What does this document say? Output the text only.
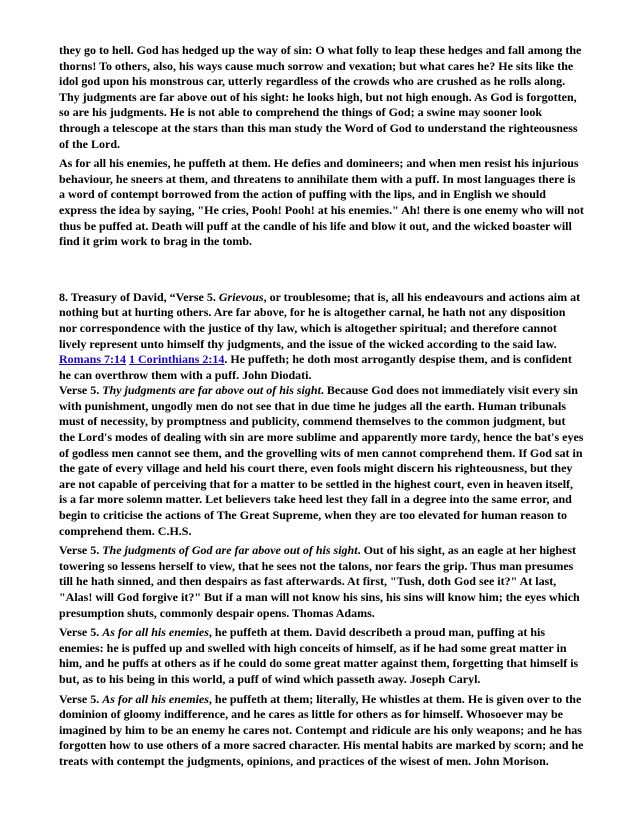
they go to hell. God has hedged up the way of sin: O what folly to leap these hedges and fall among the thorns! To others, also, his ways cause much sorrow and vexation; but what cares he? He sits like the idol god upon his monstrous car, utterly regardless of the crowds who are crushed as he rolls along.

Thy judgments are far above out of his sight: he looks high, but not high enough. As God is forgotten, so are his judgments. He is not able to comprehend the things of God; a swine may sooner look through a telescope at the stars than this man study the Word of God to understand the righteousness of the Lord.

As for all his enemies, he puffeth at them. He defies and domineers; and when men resist his injurious behaviour, he sneers at them, and threatens to annihilate them with a puff. In most languages there is a word of contempt borrowed from the action of puffing with the lips, and in English we should express the idea by saying, "He cries, Pooh! Pooh! at his enemies." Ah! there is one enemy who will not thus be puffed at. Death will puff at the candle of his life and blow it out, and the wicked boaster will find it grim work to brag in the tomb.

8. Treasury of David, “Verse 5. Grievous, or troublesome; that is, all his endeavours and actions aim at nothing but at hurting others. Are far above, for he is altogether carnal, he hath not any disposition nor correspondence with the justice of thy law, which is altogether spiritual; and therefore cannot lively represent unto himself thy judgments, and the issue of the wicked according to the said law. Romans 7:14 1 Corinthians 2:14. He puffeth; he doth most arrogantly despise them, and is confident he can overthrow them with a puff. John Diodati.

Verse 5. Thy judgments are far above out of his sight. Because God does not immediately visit every sin with punishment, ungodly men do not see that in due time he judges all the earth. Human tribunals must of necessity, by promptness and publicity, commend themselves to the common judgment, but the Lord's modes of dealing with sin are more sublime and apparently more tardy, hence the bat's eyes of godless men cannot see them, and the grovelling wits of men cannot comprehend them. If God sat in the gate of every village and held his court there, even fools might discern his righteousness, but they are not capable of perceiving that for a matter to be settled in the highest court, even in heaven itself, is a far more solemn matter. Let believers take heed lest they fall in a degree into the same error, and begin to criticise the actions of The Great Supreme, when they are too elevated for human reason to comprehend them. C.H.S.

Verse 5. The judgments of God are far above out of his sight. Out of his sight, as an eagle at her highest towering so lessens herself to view, that he sees not the talons, nor fears the grip. Thus man presumes till he hath sinned, and then despairs as fast afterwards. At first, "Tush, doth God see it?" At last, "Alas! will God forgive it?" But if a man will not know his sins, his sins will know him; the eyes which presumption shuts, commonly despair opens. Thomas Adams.

Verse 5. As for all his enemies, he puffeth at them. David describeth a proud man, puffing at his enemies: he is puffed up and swelled with high conceits of himself, as if he had some great matter in him, and he puffs at others as if he could do some great matter against them, forgetting that himself is but, as to his being in this world, a puff of wind which passeth away. Joseph Caryl.

Verse 5. As for all his enemies, he puffeth at them; literally, He whistles at them. He is given over to the dominion of gloomy indifference, and he cares as little for others as for himself. Whosoever may be imagined by him to be an enemy he cares not. Contempt and ridicule are his only weapons; and he has forgotten how to use others of a more sacred character. His mental habits are marked by scorn; and he treats with contempt the judgments, opinions, and practices of the wisest of men. John Morison.
